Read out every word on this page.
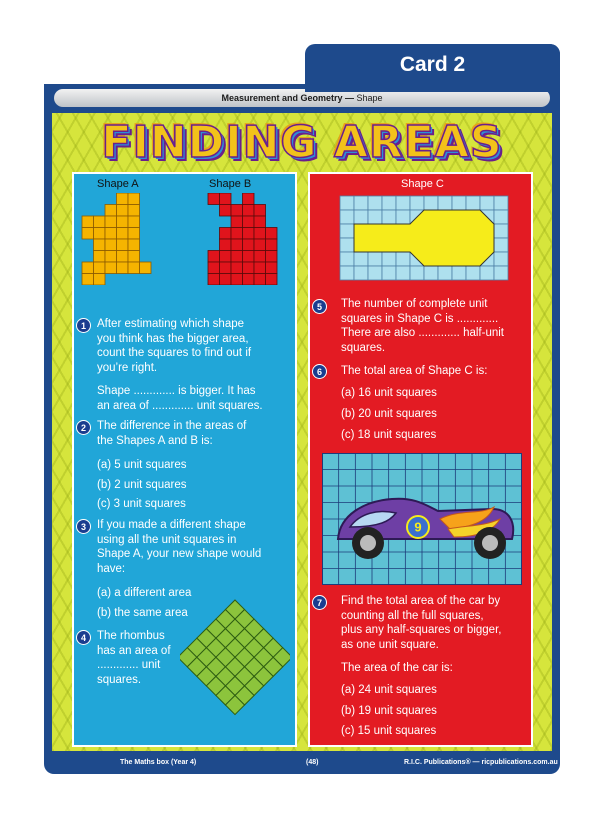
Card 2
Measurement and Geometry — Shape
FINDING AREAS
Shape A	Shape B
1 After estimating which shape
you think has the bigger area,
count the squares to find out if
you’re right.
Shape ............. is bigger. It has
an area of ............. unit squares.
2 The difference in the areas of
the Shapes A and B is:
(a) 5 unit squares
(b) 2 unit squares
(c) 3 unit squares
3 If you made a different shape
using all the unit squares in
Shape A, your new shape would
have:
(a) a different area
(b) the same area
4 The rhombus
has an area of
............. unit
squares.
Shape C
5	The number of complete unit
squares in Shape C is .............
There are also ............. half-unit
squares.
6	The total area of Shape C is:
(a) 16 unit squares
(b) 20 unit squares
(c) 18 unit squares
9
7	Find the total area of the car by
counting all the full squares,
plus any half-squares or bigger,
as one unit square.
The area of the car is:
(a) 24 unit squares
(b) 19 unit squares
(c) 15 unit squares
The Maths box (Year 4)	(48)	R.I.C. Publications® — ricpublications.com.au
